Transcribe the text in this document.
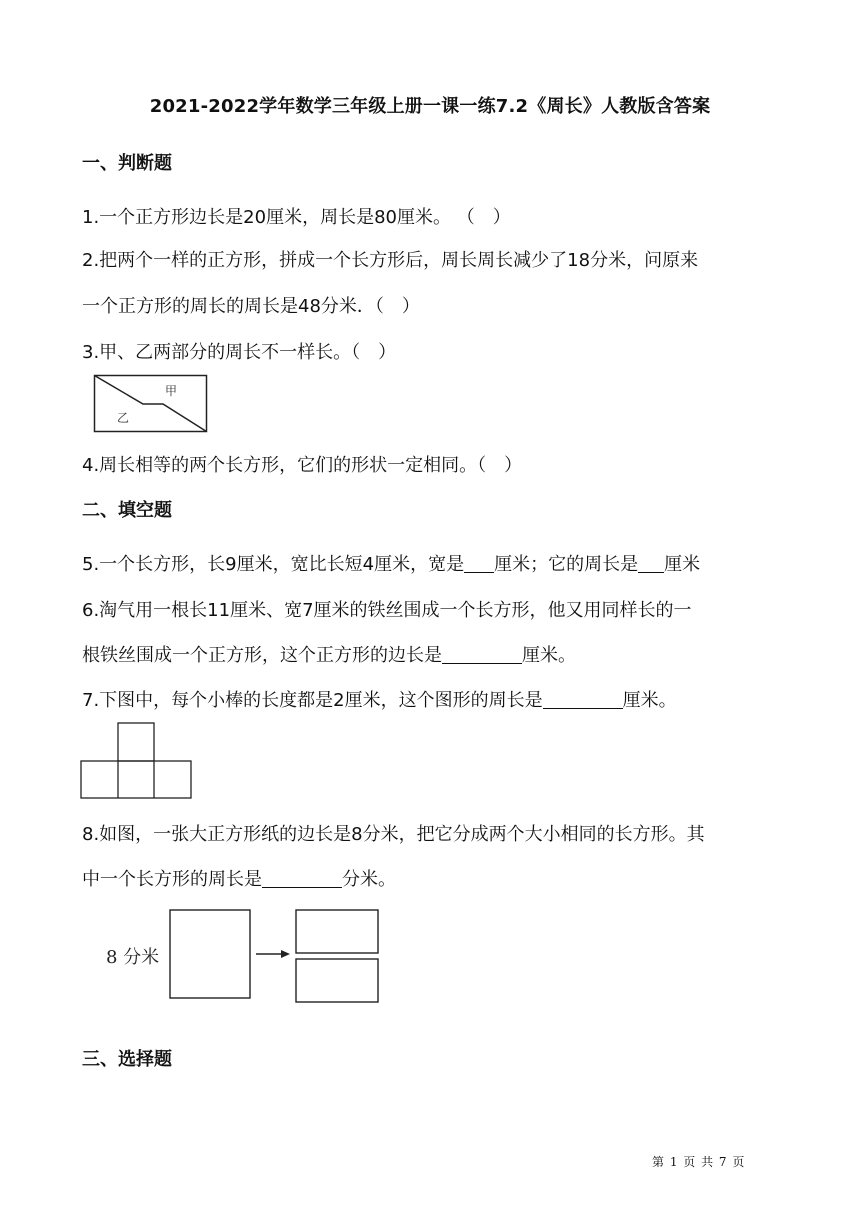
2021-2022学年数学三年级上册一课一练7.2《周长》人教版含答案
一、判断题
1.一个正方形边长是20厘米，周长是80厘米。 （　）
2.把两个一样的正方形，拼成一个长方形后，周长周长减少了18分米，问原来
一个正方形的周长的周长是48分米．（　）
3.甲、乙两部分的周长不一样长。（　）
甲
乙
4.周长相等的两个长方形，它们的形状一定相同。（　）
二、填空题
5.一个长方形，长9厘米，宽比长短4厘米，宽是 厘米；它的周长是 厘米
6.淘气用一根长11厘米、宽7厘米的铁丝围成一个长方形，他又用同样长的一
根铁丝围成一个正方形，这个正方形的边长是	厘米。
7.下图中，每个小棒的长度都是2厘米，这个图形的周长是	厘米。
8.如图，一张大正方形纸的边长是8分米，把它分成两个大小相同的长方形。其
中一个长方形的周长是	分米。
8 分米
三、选择题
第 1 页 共 7 页
